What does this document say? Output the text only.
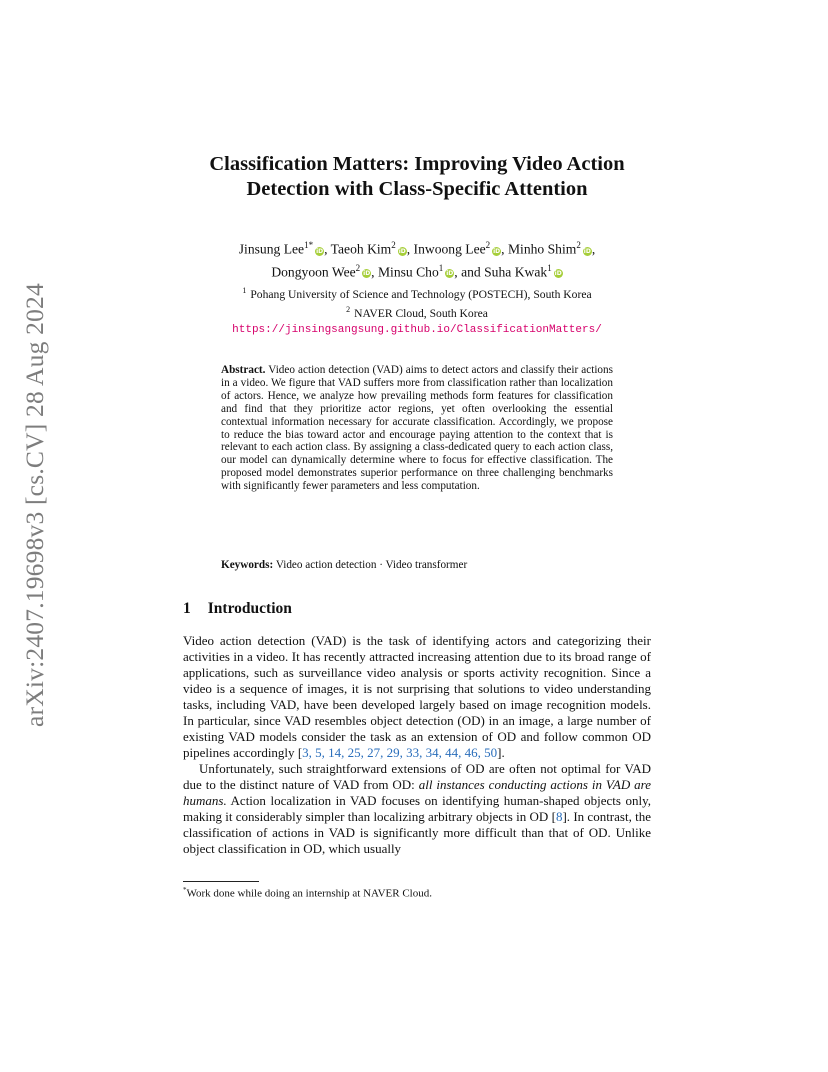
arXiv:2407.19698v3 [cs.CV] 28 Aug 2024
Classification Matters: Improving Video Action
Detection with Class-Specific Attention
Jinsung Lee$^{1*}$iD, Taeoh Kim$^2$iD, Inwoong Lee$^2$iD, Minho Shim$^2$iD,
Dongyoon Wee$^2$iD, Minsu Cho$^1$iD, and Suha Kwak$^1$iD
$^1$ Pohang University of Science and Technology (POSTECH), South Korea
$^2$ NAVER Cloud, South Korea
https://jinsingsangsung.github.io/ClassificationMatters/

Abstract. Video action detection (VAD) aims to detect actors and classify their actions in a video. We figure that VAD suffers more from classification rather than localization of actors. Hence, we analyze how prevailing methods form features for classification and find that they prioritize actor regions, yet often overlooking the essential contextual information necessary for accurate classification. Accordingly, we propose to reduce the bias toward actor and encourage paying attention to the context that is relevant to each action class. By assigning a class-dedicated query to each action class, our model can dynamically determine where to focus for effective classification. The proposed model demonstrates superior performance on three challenging benchmarks with significantly fewer parameters and less computation.

Keywords: Video action detection · Video transformer
1 Introduction

Video action detection (VAD) is the task of identifying actors and categorizing their activities in a video. It has recently attracted increasing attention due to its broad range of applications, such as surveillance video analysis or sports activity recognition. Since a video is a sequence of images, it is not surprising that solutions to video understanding tasks, including VAD, have been developed largely based on image recognition models. In particular, since VAD resembles object detection (OD) in an image, a large number of existing VAD models consider the task as an extension of OD and follow common OD pipelines accordingly [3, 5, 14, 25, 27, 29, 33, 34, 44, 46, 50].

Unfortunately, such straightforward extensions of OD are often not optimal for VAD due to the distinct nature of VAD from OD: all instances conducting actions in VAD are humans. Action localization in VAD focuses on identifying human-shaped objects only, making it considerably simpler than localizing arbitrary objects in OD [8]. In contrast, the classification of actions in VAD is significantly more difficult than that of OD. Unlike object classification in OD, which usually

*Work done while doing an internship at NAVER Cloud.
